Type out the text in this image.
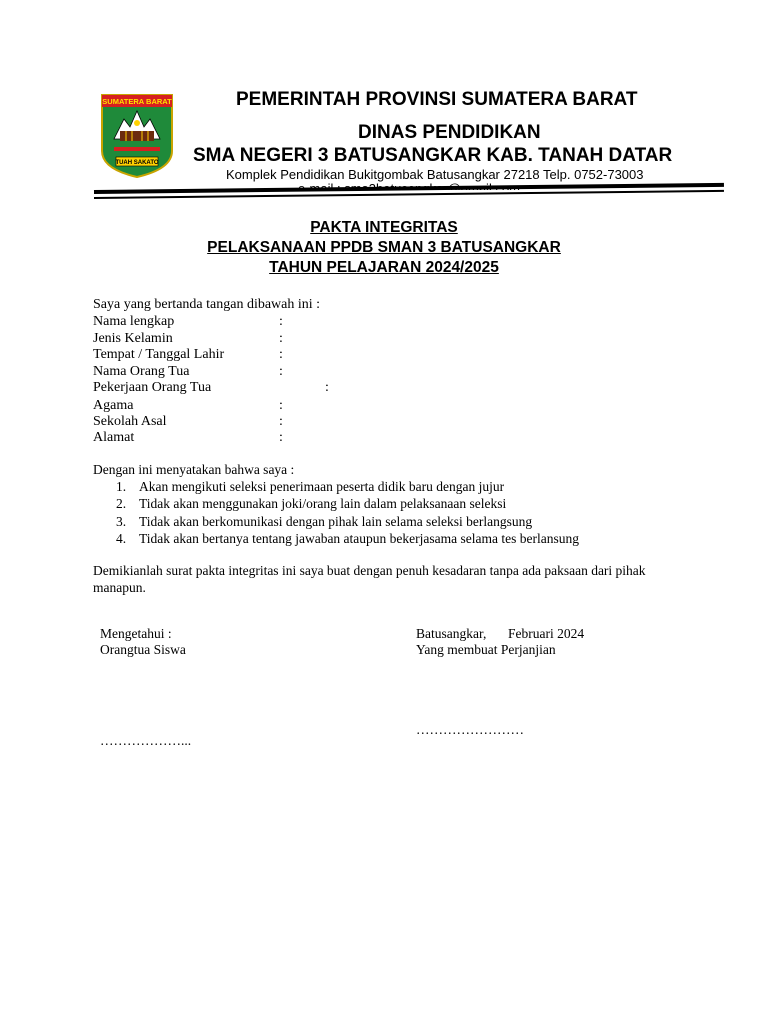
SUMATERA BARAT
TUAH SAKATO
PEMERINTAH PROVINSI SUMATERA BARAT
DINAS PENDIDIKAN
SMA NEGERI 3 BATUSANGKAR KAB. TANAH DATAR
Komplek Pendidikan Bukitgombak Batusangkar 27218 Telp. 0752-73003
PAKTA INTEGRITAS
PELAKSANAAN PPDB SMAN 3 BATUSANGKAR
TAHUN PELAJARAN 2024/2025
Saya yang bertanda tangan dibawah ini :
Nama lengkap	:
Jenis Kelamin	:
Tempat / Tanggal Lahir	:
Nama Orang Tua	:
Pekerjaan Orang Tua	:
Agama	:
Sekolah Asal	:
Alamat	:
Dengan ini menyatakan bahwa saya :
1. Akan mengikuti seleksi penerimaan peserta didik baru dengan jujur
2. Tidak akan menggunakan joki/orang lain dalam pelaksanaan seleksi
3. Tidak akan berkomunikasi dengan pihak lain selama seleksi berlangsung
4. Tidak akan bertanya tentang jawaban ataupun bekerjasama selama tes berlansung
Demikianlah surat pakta integritas ini saya buat dengan penuh kesadaran tanpa ada paksaan dari pihak
manapun.
Mengetahui :
Orangtua Siswa
………………...
Batusangkar, Februari 2024
Yang membuat Perjanjian
……………………
